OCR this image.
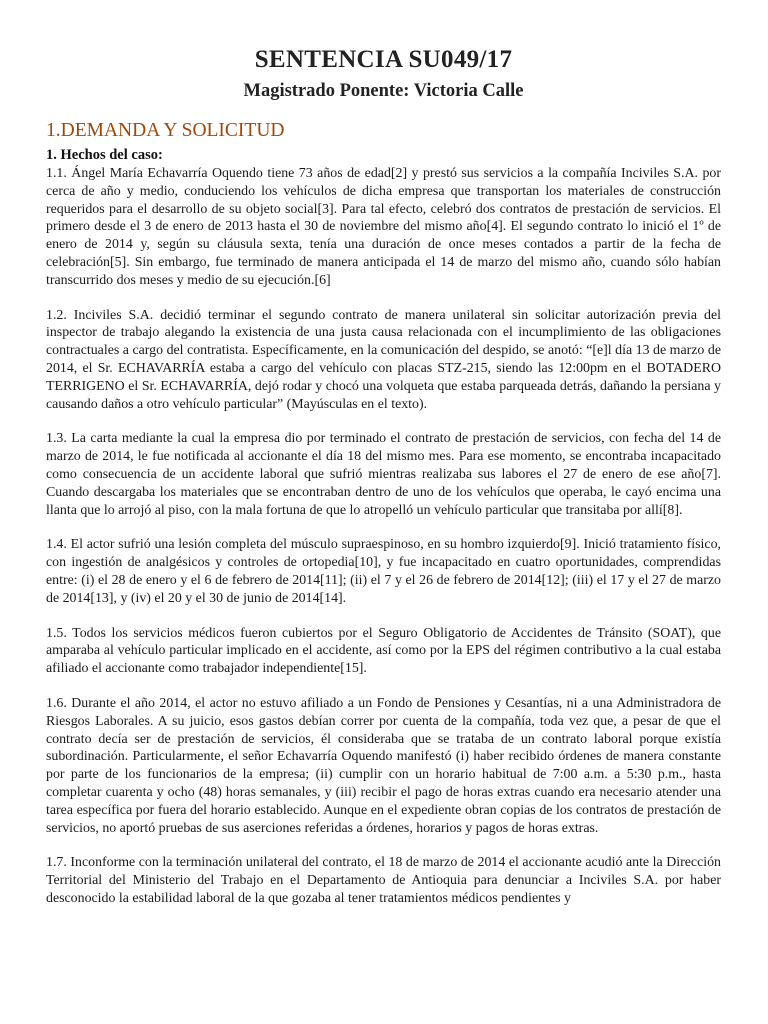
SENTENCIA SU049/17
Magistrado Ponente: Victoria Calle
1.DEMANDA Y SOLICITUD
1. Hechos del caso:

1.1. Ángel María Echavarría Oquendo tiene 73 años de edad[2] y prestó sus servicios a la compañía Inciviles S.A. por cerca de año y medio, conduciendo los vehículos de dicha empresa que transportan los materiales de construcción requeridos para el desarrollo de su objeto social[3]. Para tal efecto, celebró dos contratos de prestación de servicios. El primero desde el 3 de enero de 2013 hasta el 30 de noviembre del mismo año[4]. El segundo contrato lo inició el 1º de enero de 2014 y, según su cláusula sexta, tenía una duración de once meses contados a partir de la fecha de celebración[5]. Sin embargo, fue terminado de manera anticipada el 14 de marzo del mismo año, cuando sólo habían transcurrido dos meses y medio de su ejecución.[6]

1.2. Inciviles S.A. decidió terminar el segundo contrato de manera unilateral sin solicitar autorización previa del inspector de trabajo alegando la existencia de una justa causa relacionada con el incumplimiento de las obligaciones contractuales a cargo del contratista. Específicamente, en la comunicación del despido, se anotó: “[e]l día 13 de marzo de 2014, el Sr. ECHAVARRÍA estaba a cargo del vehículo con placas STZ-215, siendo las 12:00pm en el BOTADERO TERRIGENO el Sr. ECHAVARRÍA, dejó rodar y chocó una volqueta que estaba parqueada detrás, dañando la persiana y causando daños a otro vehículo particular” (Mayúsculas en el texto).

1.3. La carta mediante la cual la empresa dio por terminado el contrato de prestación de servicios, con fecha del 14 de marzo de 2014, le fue notificada al accionante el día 18 del mismo mes. Para ese momento, se encontraba incapacitado como consecuencia de un accidente laboral que sufrió mientras realizaba sus labores el 27 de enero de ese año[7]. Cuando descargaba los materiales que se encontraban dentro de uno de los vehículos que operaba, le cayó encima una llanta que lo arrojó al piso, con la mala fortuna de que lo atropelló un vehículo particular que transitaba por allí[8].

1.4. El actor sufrió una lesión completa del músculo supraespinoso, en su hombro izquierdo[9]. Inició tratamiento físico, con ingestión de analgésicos y controles de ortopedia[10], y fue incapacitado en cuatro oportunidades, comprendidas entre: (i) el 28 de enero y el 6 de febrero de 2014[11]; (ii) el 7 y el 26 de febrero de 2014[12]; (iii) el 17 y el 27 de marzo de 2014[13], y (iv) el 20 y el 30 de junio de 2014[14].

1.5. Todos los servicios médicos fueron cubiertos por el Seguro Obligatorio de Accidentes de Tránsito (SOAT), que amparaba al vehículo particular implicado en el accidente, así como por la EPS del régimen contributivo a la cual estaba afiliado el accionante como trabajador independiente[15].

1.6. Durante el año 2014, el actor no estuvo afiliado a un Fondo de Pensiones y Cesantías, ni a una Administradora de Riesgos Laborales. A su juicio, esos gastos debían correr por cuenta de la compañía, toda vez que, a pesar de que el contrato decía ser de prestación de servicios, él consideraba que se trataba de un contrato laboral porque existía subordinación. Particularmente, el señor Echavarría Oquendo manifestó (i) haber recibido órdenes de manera constante por parte de los funcionarios de la empresa; (ii) cumplir con un horario habitual de 7:00 a.m. a 5:30 p.m., hasta completar cuarenta y ocho (48) horas semanales, y (iii) recibir el pago de horas extras cuando era necesario atender una tarea específica por fuera del horario establecido. Aunque en el expediente obran copias de los contratos de prestación de servicios, no aportó pruebas de sus aserciones referidas a órdenes, horarios y pagos de horas extras.

1.7. Inconforme con la terminación unilateral del contrato, el 18 de marzo de 2014 el accionante acudió ante la Dirección Territorial del Ministerio del Trabajo en el Departamento de Antioquia para denunciar a Inciviles S.A. por haber desconocido la estabilidad laboral de la que gozaba al tener tratamientos médicos pendientes y
